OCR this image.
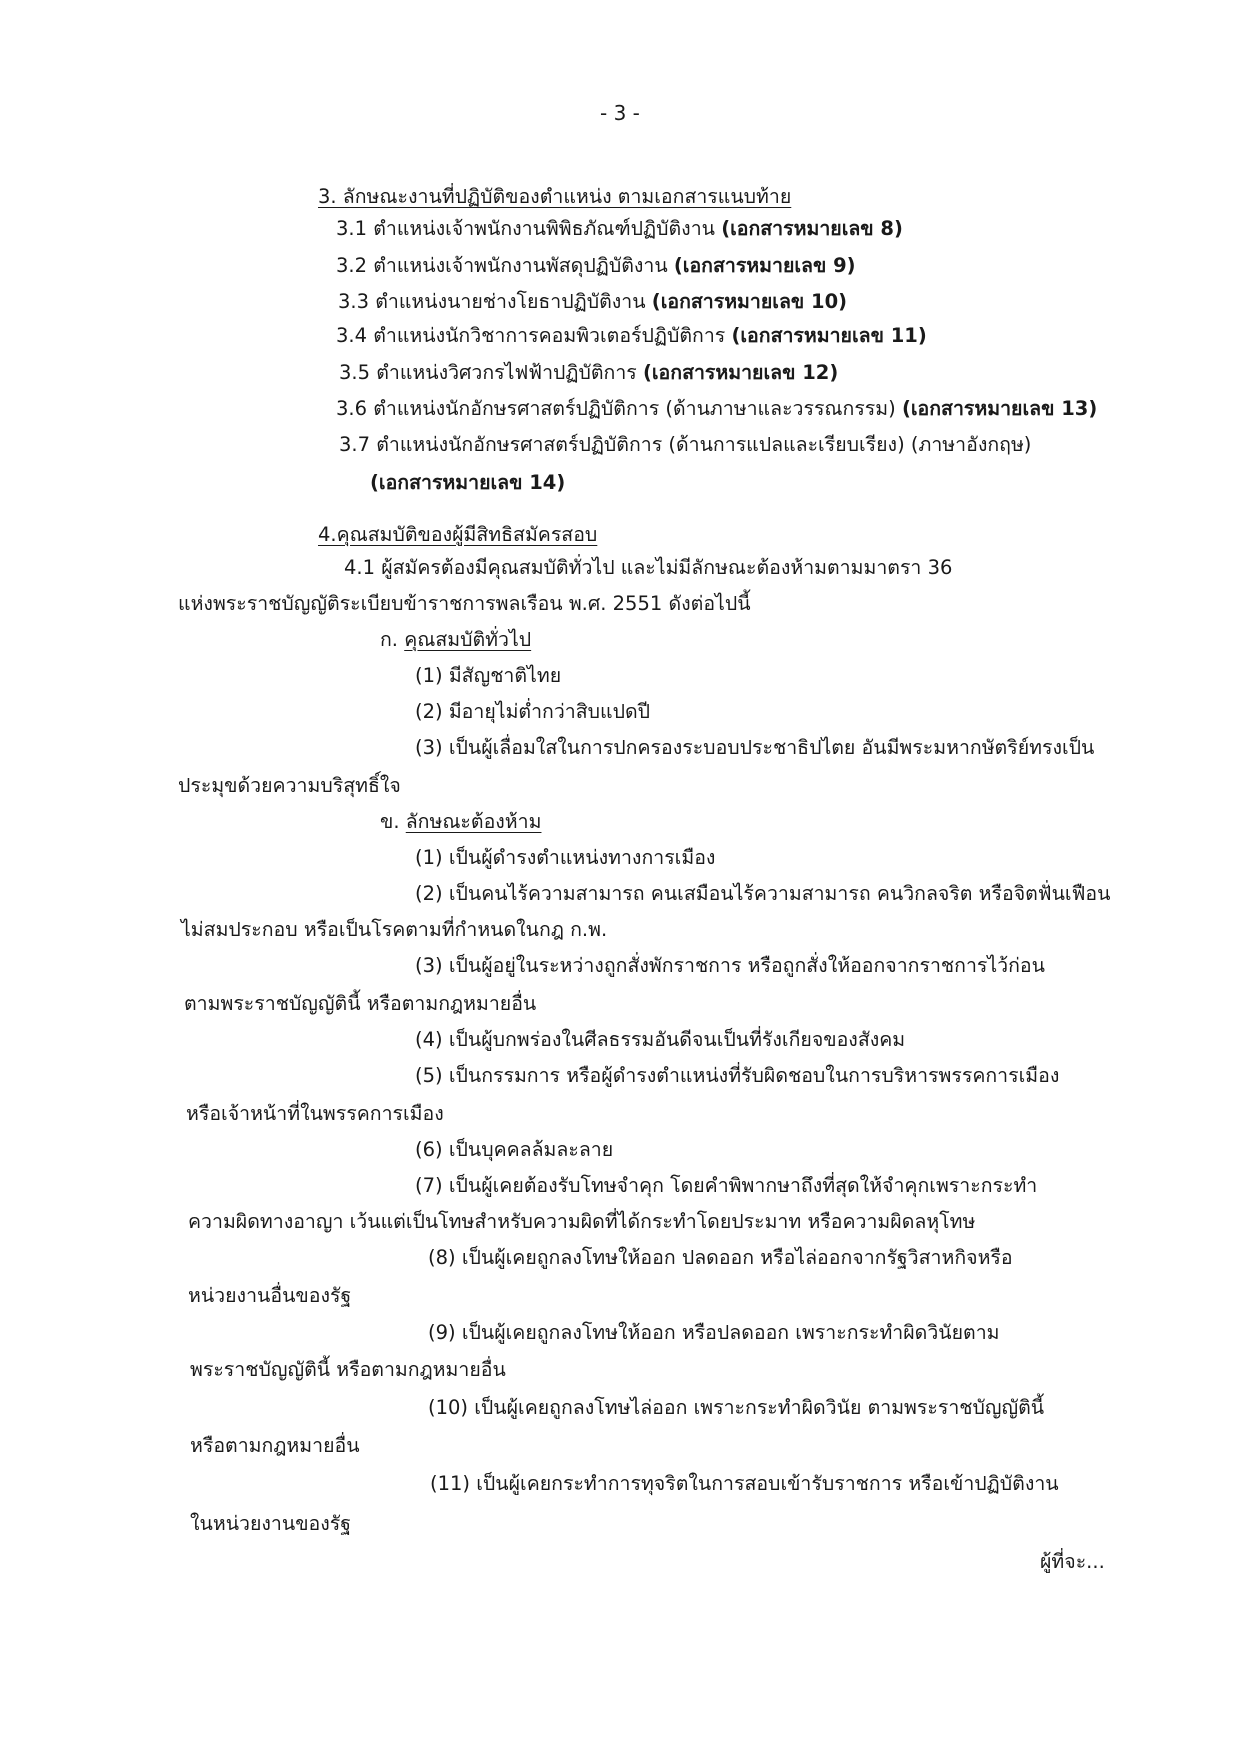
- 3 -
3. ลักษณะงานที่ปฏิบัติของตำแหน่ง ตามเอกสารแนบท้าย
3.1 ตำแหน่งเจ้าพนักงานพิพิธภัณฑ์ปฏิบัติงาน (เอกสารหมายเลข 8)
3.2 ตำแหน่งเจ้าพนักงานพัสดุปฏิบัติงาน (เอกสารหมายเลข 9)
3.3 ตำแหน่งนายช่างโยธาปฏิบัติงาน (เอกสารหมายเลข 10)
3.4 ตำแหน่งนักวิชาการคอมพิวเตอร์ปฏิบัติการ (เอกสารหมายเลข 11)
3.5 ตำแหน่งวิศวกรไฟฟ้าปฏิบัติการ (เอกสารหมายเลข 12)
3.6 ตำแหน่งนักอักษรศาสตร์ปฏิบัติการ (ด้านภาษาและวรรณกรรม) (เอกสารหมายเลข 13)
3.7 ตำแหน่งนักอักษรศาสตร์ปฏิบัติการ (ด้านการแปลและเรียบเรียง) (ภาษาอังกฤษ)
(เอกสารหมายเลข 14)
4.คุณสมบัติของผู้มีสิทธิสมัครสอบ
4.1 ผู้สมัครต้องมีคุณสมบัติทั่วไป และไม่มีลักษณะต้องห้ามตามมาตรา 36
แห่งพระราชบัญญัติระเบียบข้าราชการพลเรือน พ.ศ. 2551 ดังต่อไปนี้
ก. คุณสมบัติทั่วไป
(1) มีสัญชาติไทย
(2) มีอายุไม่ต่ำกว่าสิบแปดปี
(3) เป็นผู้เลื่อมใสในการปกครองระบอบประชาธิปไตย อันมีพระมหากษัตริย์ทรงเป็น
ประมุขด้วยความบริสุทธิ์ใจ
ข. ลักษณะต้องห้าม
(1) เป็นผู้ดำรงตำแหน่งทางการเมือง
(2) เป็นคนไร้ความสามารถ คนเสมือนไร้ความสามารถ คนวิกลจริต หรือจิตฟั่นเฟือน
ไม่สมประกอบ หรือเป็นโรคตามที่กำหนดในกฎ ก.พ.
(3) เป็นผู้อยู่ในระหว่างถูกสั่งพักราชการ หรือถูกสั่งให้ออกจากราชการไว้ก่อน
ตามพระราชบัญญัตินี้ หรือตามกฎหมายอื่น
(4) เป็นผู้บกพร่องในศีลธรรมอันดีจนเป็นที่รังเกียจของสังคม
(5) เป็นกรรมการ หรือผู้ดำรงตำแหน่งที่รับผิดชอบในการบริหารพรรคการเมือง
หรือเจ้าหน้าที่ในพรรคการเมือง
(6) เป็นบุคคลล้มละลาย
(7) เป็นผู้เคยต้องรับโทษจำคุก โดยคำพิพากษาถึงที่สุดให้จำคุกเพราะกระทำ
ความผิดทางอาญา เว้นแต่เป็นโทษสำหรับความผิดที่ได้กระทำโดยประมาท หรือความผิดลหุโทษ
(8) เป็นผู้เคยถูกลงโทษให้ออก ปลดออก หรือไล่ออกจากรัฐวิสาหกิจหรือ
หน่วยงานอื่นของรัฐ
(9) เป็นผู้เคยถูกลงโทษให้ออก หรือปลดออก เพราะกระทำผิดวินัยตาม
พระราชบัญญัตินี้ หรือตามกฎหมายอื่น
(10) เป็นผู้เคยถูกลงโทษไล่ออก เพราะกระทำผิดวินัย ตามพระราชบัญญัตินี้
หรือตามกฎหมายอื่น
(11) เป็นผู้เคยกระทำการทุจริตในการสอบเข้ารับราชการ หรือเข้าปฏิบัติงาน
ในหน่วยงานของรัฐ
ผู้ที่จะ...
